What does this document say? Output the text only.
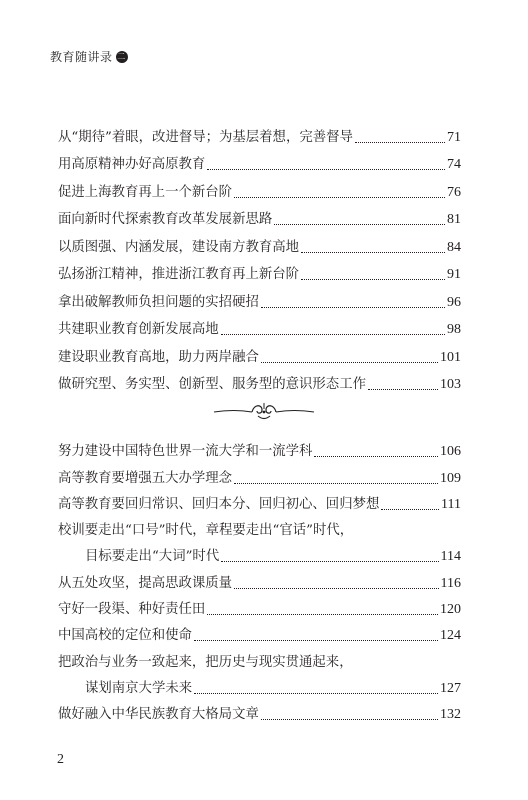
教育随讲录 二
从“期待”着眼，改进督导；为基层着想，完善督导	71
用高原精神办好高原教育	74
促进上海教育再上一个新台阶	76
面向新时代探索教育改革发展新思路	81
以质图强、内涵发展，建设南方教育高地	84
弘扬浙江精神，推进浙江教育再上新台阶	91
拿出破解教师负担问题的实招硬招	96
共建职业教育创新发展高地	98
建设职业教育高地，助力两岸融合	101
做研究型、务实型、创新型、服务型的意识形态工作	103
努力建设中国特色世界一流大学和一流学科	106
高等教育要增强五大办学理念	109
高等教育要回归常识、回归本分、回归初心、回归梦想	111
校训要走出“口号”时代，章程要走出“官话”时代，
目标要走出“大词”时代	114
从五处攻坚，提高思政课质量	116
守好一段渠、种好责任田	120
中国高校的定位和使命	124
把政治与业务一致起来，把历史与现实贯通起来，
谋划南京大学未来	127
做好融入中华民族教育大格局文章	132
2
